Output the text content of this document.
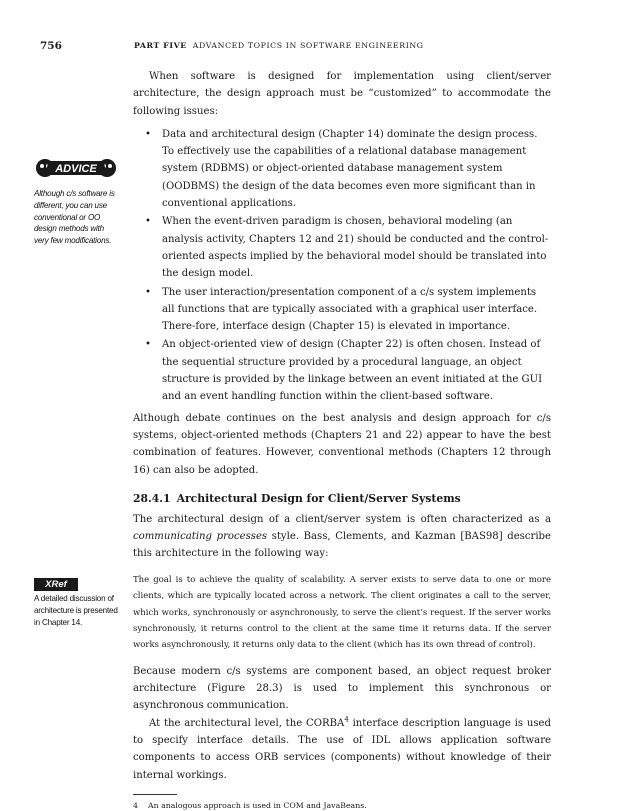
756	PART FIVE ADVANCED TOPICS IN SOFTWARE ENGINEERING
ADVICE

Although c/s software is different, you can use conventional or OO design methods with very few modifications.

XRef

A detailed discussion of architecture is presented in Chapter 14.

When software is designed for implementation using client/server architecture, the design approach must be “customized” to accommodate the following issues:

• Data and architectural design (Chapter 14) dominate the design process. To effectively use the capabilities of a relational database management system (RDBMS) or object-oriented database management system (OODBMS) the design of the data becomes even more significant than in conventional applications.
• When the event-driven paradigm is chosen, behavioral modeling (an analysis activity, Chapters 12 and 21) should be conducted and the control-oriented aspects implied by the behavioral model should be translated into the design model.
• The user interaction/presentation component of a c/s system implements all functions that are typically associated with a graphical user interface. There-fore, interface design (Chapter 15) is elevated in importance.
• An object-oriented view of design (Chapter 22) is often chosen. Instead of the sequential structure provided by a procedural language, an object structure is provided by the linkage between an event initiated at the GUI and an event handling function within the client-based software.

Although debate continues on the best analysis and design approach for c/s systems, object-oriented methods (Chapters 21 and 22) appear to have the best combination of features. However, conventional methods (Chapters 12 through 16) can also be adopted.

28.4.1 Architectural Design for Client/Server Systems

The architectural design of a client/server system is often characterized as a communicating processes style. Bass, Clements, and Kazman [BAS98] describe this architecture in the following way:

The goal is to achieve the quality of scalability. A server exists to serve data to one or more clients, which are typically located across a network. The client originates a call to the server, which works, synchronously or asynchronously, to serve the client’s request. If the server works synchronously, it returns control to the client at the same time it returns data. If the server works asynchronously, it returns only data to the client (which has its own thread of control).

Because modern c/s systems are component based, an object request broker architecture (Figure 28.3) is used to implement this synchronous or asynchronous communication.

At the architectural level, the CORBA$^4$ interface description language is used to specify interface details. The use of IDL allows application software components to access ORB services (components) without knowledge of their internal workings.

4 An analogous approach is used in COM and JavaBeans.
